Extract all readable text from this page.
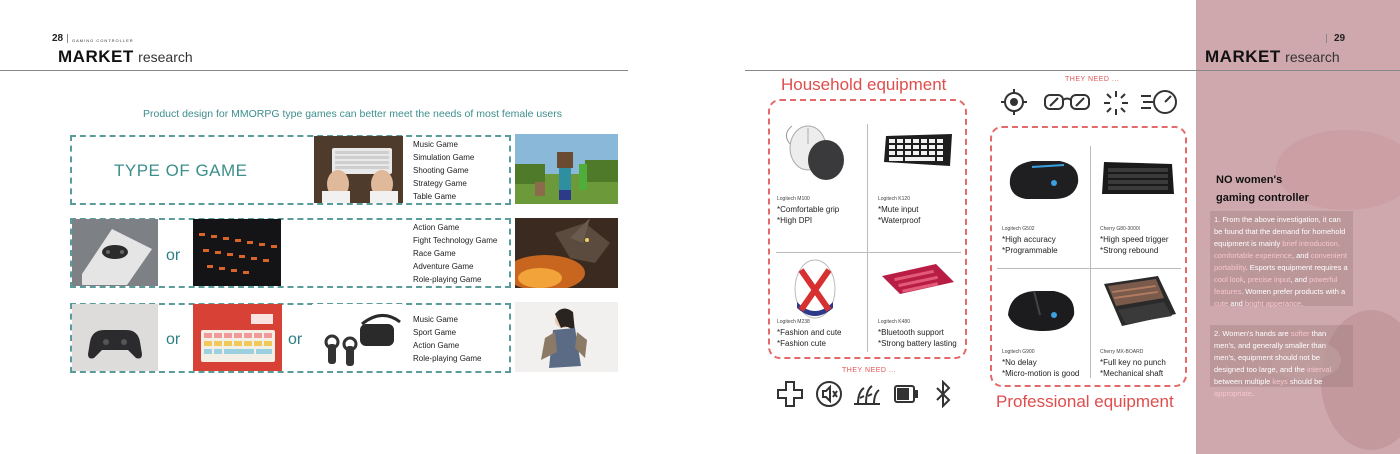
28 GAMING CONTROLLER
MARKET research
Product design for MMORPG type games can better meet the needs of most female users
TYPE OF GAME
Music Game
Simulation Game
Shooting Game
Strategy Game
Table Game
or
Action Game
Fight Technology Game
Race Game
Adventure Game
Role-playing Game
or	or
Music Game
Sport Game
Action Game
Role-playing Game
29
MARKET research
Household equipment	THEY NEED ...
Logitech M100
*Comfortable grip
*High DPI
Logitech K120
*Mute input
*Waterproof
Logitech M238
*Fashion and cute
*Fashion cute
Logitech K480
*Bluetooth support
*Strong battery lasting
THEY NEED ...
Logitech G502
*High accuracy
*Programmable
Cherry G80-3000l
*High speed trigger
*Strong rebound
Logitech G900
*No delay
*Micro-motion is good
Cherry MX-BOARD
*Full key no punch
*Mechanical shaft
Professional equipment
NO women's
gaming controller
1. From the above investigation, it can be found that the demand for homehold equipment is mainly brief introduction, comfortable experience, and convenient portability. Esports equipment requires a cool look, precise input, and powerful features. Women prefer products with a cute and bright apperance.
2. Women's hands are softer than men's, and generally smaller than men's, equipment should not be designed too large, and the interval between multiple keys should be appropriate.
